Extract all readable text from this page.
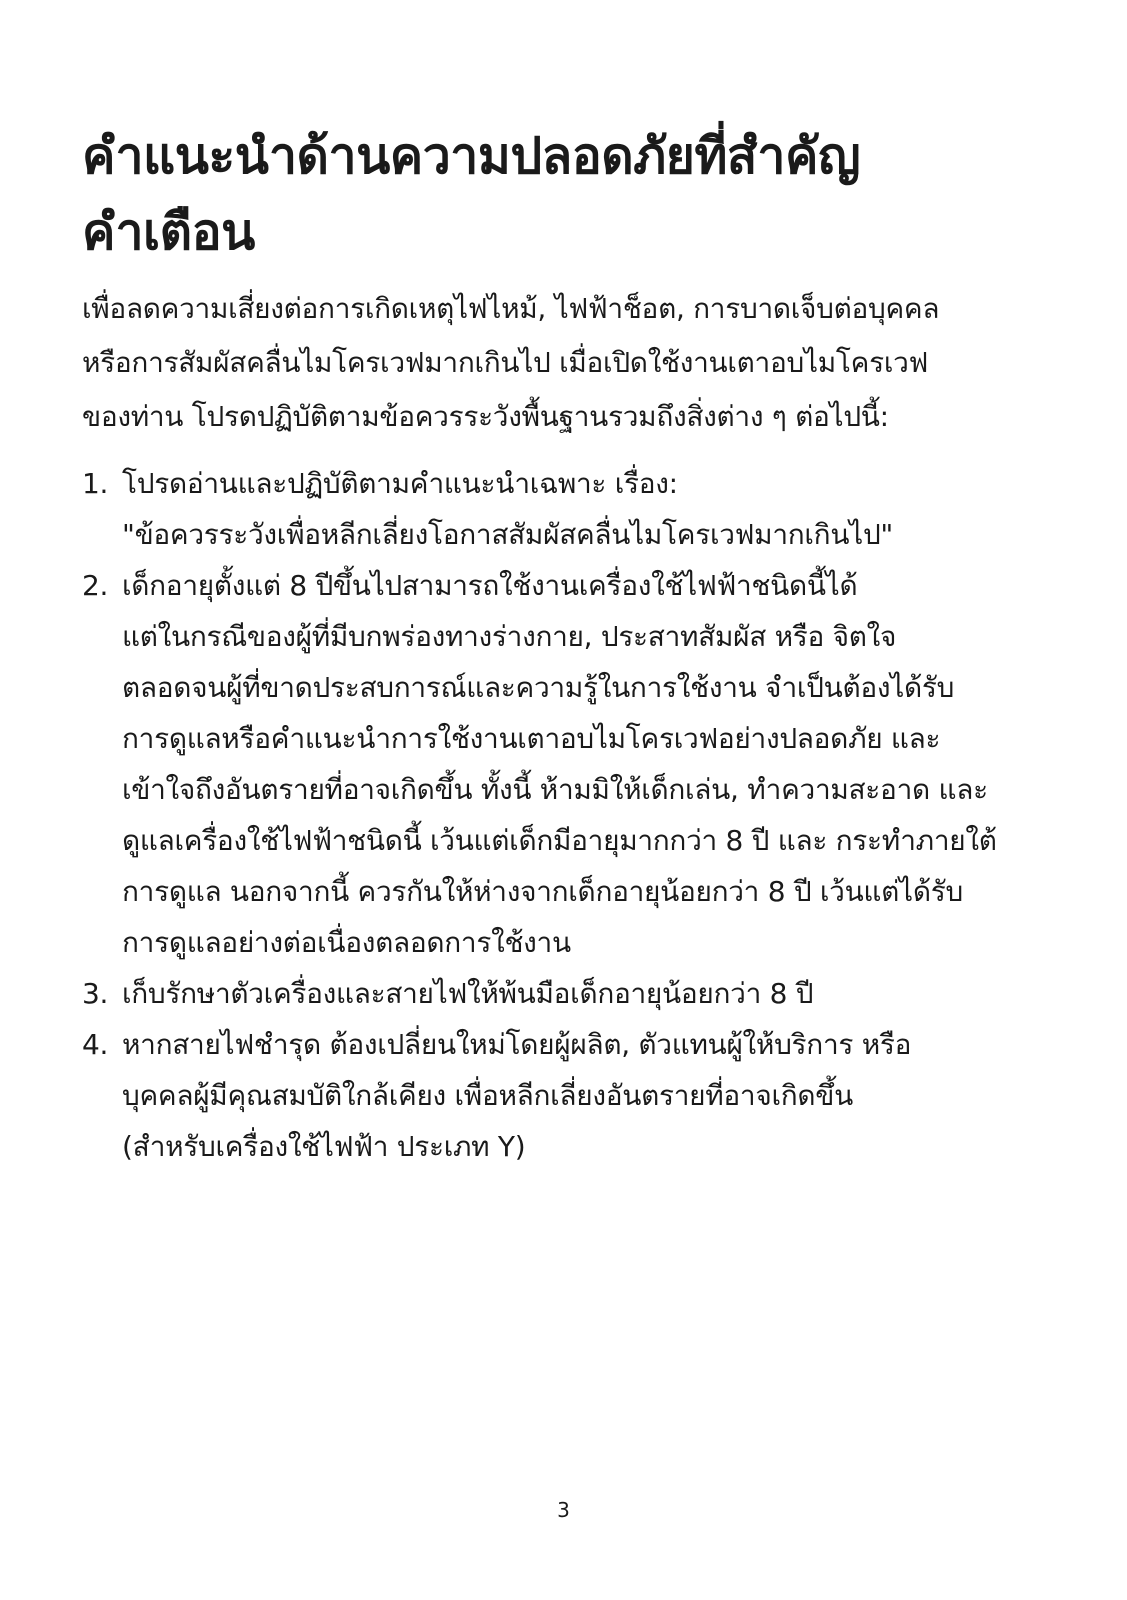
คำแนะนำด้านความปลอดภัยที่สำคัญ
คำเตือน

เพื่อลดความเสี่ยงต่อการเกิดเหตุไฟไหม้, ไฟฟ้าช็อต, การบาดเจ็บต่อบุคคล
หรือการสัมผัสคลื่นไมโครเวฟมากเกินไป เมื่อเปิดใช้งานเตาอบไมโครเวฟ
ของท่าน โปรดปฏิบัติตามข้อควรระวังพื้นฐานรวมถึงสิ่งต่าง ๆ ต่อไปนี้:

1. โปรดอ่านและปฏิบัติตามคำแนะนำเฉพาะ เรื่อง:
"ข้อควรระวังเพื่อหลีกเลี่ยงโอกาสสัมผัสคลื่นไมโครเวฟมากเกินไป"
2. เด็กอายุตั้งแต่ 8 ปีขึ้นไปสามารถใช้งานเครื่องใช้ไฟฟ้าชนิดนี้ได้
แต่ในกรณีของผู้ที่มีบกพร่องทางร่างกาย, ประสาทสัมผัส หรือ จิตใจ
ตลอดจนผู้ที่ขาดประสบการณ์และความรู้ในการใช้งาน จำเป็นต้องได้รับ
การดูแลหรือคำแนะนำการใช้งานเตาอบไมโครเวฟอย่างปลอดภัย และ
เข้าใจถึงอันตรายที่อาจเกิดขึ้น ทั้งนี้ ห้ามมิให้เด็กเล่น, ทำความสะอาด และ
ดูแลเครื่องใช้ไฟฟ้าชนิดนี้ เว้นแต่เด็กมีอายุมากกว่า 8 ปี และ กระทำภายใต้
การดูแล นอกจากนี้ ควรกันให้ห่างจากเด็กอายุน้อยกว่า 8 ปี เว้นแต่ได้รับ
การดูแลอย่างต่อเนื่องตลอดการใช้งาน
3. เก็บรักษาตัวเครื่องและสายไฟให้พ้นมือเด็กอายุน้อยกว่า 8 ปี
4. หากสายไฟชำรุด ต้องเปลี่ยนใหม่โดยผู้ผลิต, ตัวแทนผู้ให้บริการ หรือ
บุคคลผู้มีคุณสมบัติใกล้เคียง เพื่อหลีกเลี่ยงอันตรายที่อาจเกิดขึ้น
(สำหรับเครื่องใช้ไฟฟ้า ประเภท Y)
3
